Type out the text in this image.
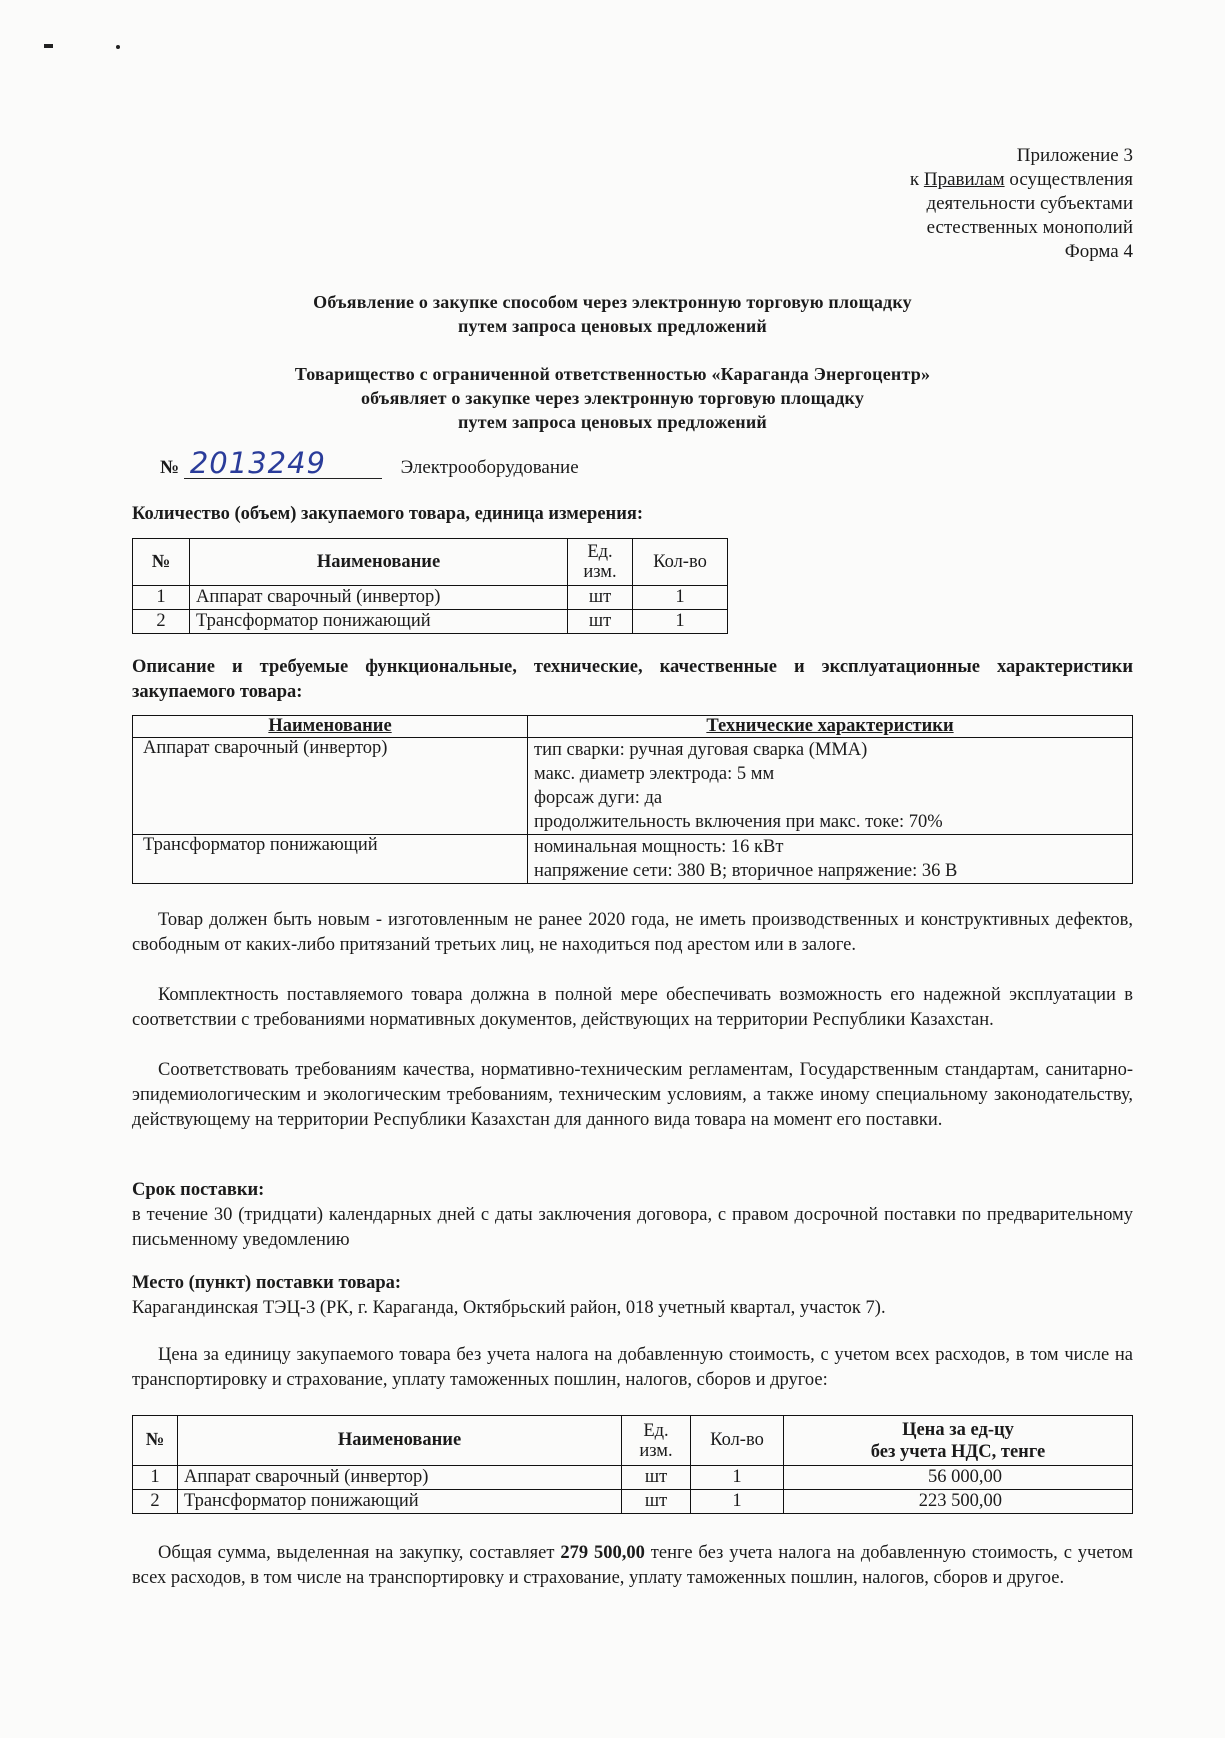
Приложение 3
к Правилам осуществления
деятельности субъектами
естественных монополий
Форма 4
Объявление о закупке способом через электронную торговую площадку
путем запроса ценовых предложений
Товарищество с ограниченной ответственностью «Караганда Энергоцентр»
объявляет о закупке через электронную торговую площадку
путем запроса ценовых предложений
№ 2013249	Электрооборудование
Количество (объем) закупаемого товара, единица измерения:
№	Наименование	Ед. изм.	Кол-во
1	Аппарат сварочный (инвертор)	шт	1
2	Трансформатор понижающий	шт	1
Описание и требуемые функциональные, технические, качественные и эксплуатационные характеристики закупаемого товара:
Наименование	Технические характеристики
Аппарат сварочный (инвертор)	тип сварки: ручная дуговая сварка (ММА)
макс. диаметр электрода: 5 мм
форсаж дуги: да
продолжительность включения при макс. токе: 70%

Трансформатор понижающий	номинальная мощность: 16 кВт
напряжение сети: 380 В; вторичное напряжение: 36 В
Товар должен быть новым - изготовленным не ранее 2020 года, не иметь производственных и конструктивных дефектов, свободным от каких-либо притязаний третьих лиц, не находиться под арестом или в залоге.
Комплектность поставляемого товара должна в полной мере обеспечивать возможность его надежной эксплуатации в соответствии с требованиями нормативных документов, действующих на территории Республики Казахстан.
Соответствовать требованиям качества, нормативно-техническим регламентам, Государственным стандартам, санитарно-эпидемиологическим и экологическим требованиям, техническим условиям, а также иному специальному законодательству, действующему на территории Республики Казахстан для данного вида товара на момент его поставки.
Срок поставки:
в течение 30 (тридцати) календарных дней с даты заключения договора, с правом досрочной поставки по предварительному письменному уведомлению
Место (пункт) поставки товара:
Карагандинская ТЭЦ-3 (РК, г. Караганда, Октябрьский район, 018 учетный квартал, участок 7).
Цена за единицу закупаемого товара без учета налога на добавленную стоимость, с учетом всех расходов, в том числе на транспортировку и страхование, уплату таможенных пошлин, налогов, сборов и другое:
№	Наименование	Ед. изм.	Кол-во	Цена за ед-цу
без учета НДС, тенге

1	Аппарат сварочный (инвертор)	шт	1	56 000,00
2	Трансформатор понижающий	шт	1	223 500,00
Общая сумма, выделенная на закупку, составляет 279 500,00 тенге без учета налога на добавленную стоимость, с учетом всех расходов, в том числе на транспортировку и страхование, уплату таможенных пошлин, налогов, сборов и другое.
